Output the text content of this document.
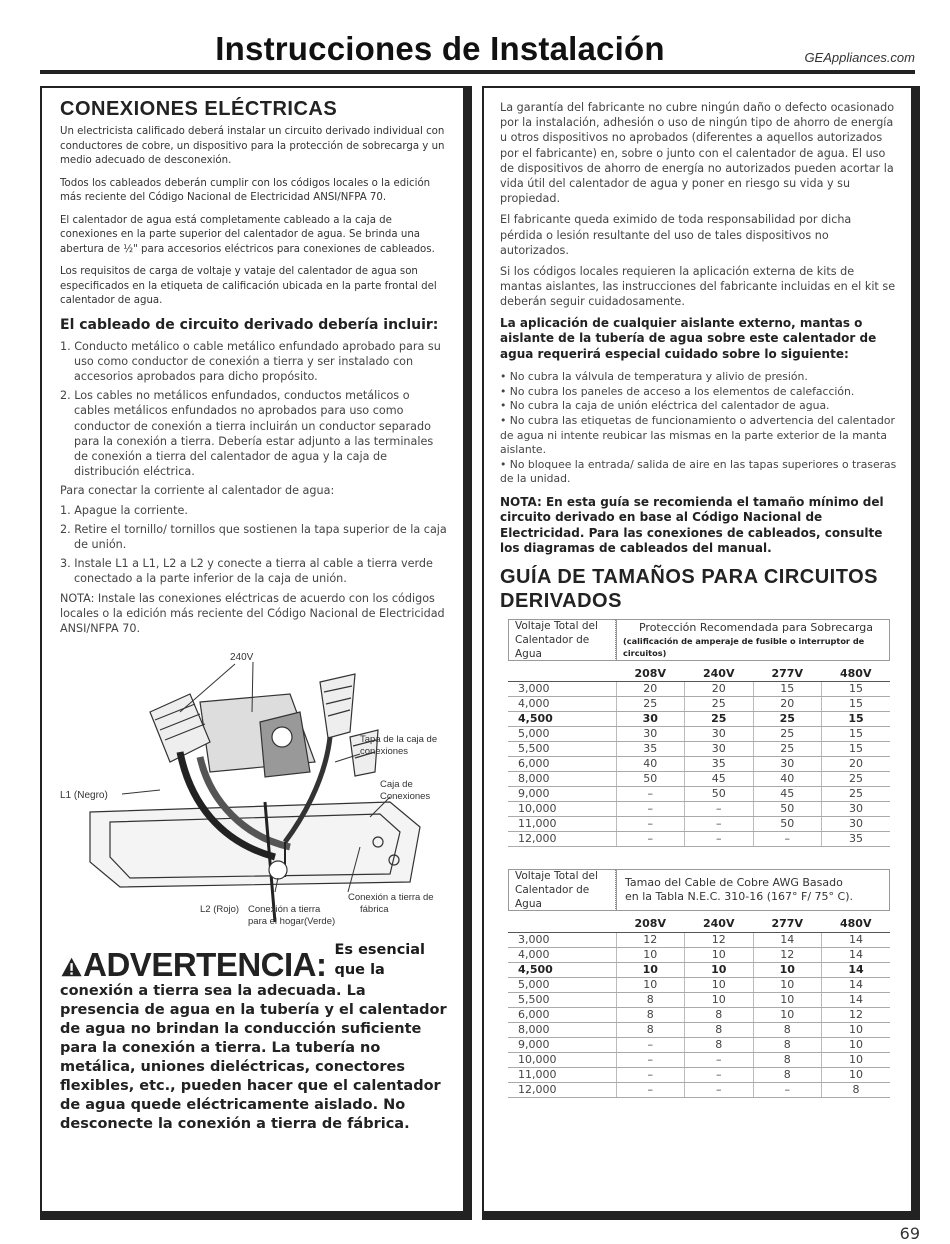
Instrucciones de Instalación	GEAppliances.com
CONEXIONES ELÉCTRICAS

Un electricista calificado deberá instalar un circuito derivado individual con conductores de cobre, un dispositivo para la protección de sobrecarga y un medio adecuado de desconexión.

Todos los cableados deberán cumplir con los códigos locales o la edición más reciente del Código Nacional de Electricidad ANSI/NFPA 70.

El calentador de agua está completamente cableado a la caja de conexiones en la parte superior del calentador de agua. Se brinda una abertura de ½" para accesorios eléctricos para conexiones de cableados.

Los requisitos de carga de voltaje y vataje del calentador de agua son especificados en la etiqueta de calificación ubicada en la parte frontal del calentador de agua.

El cableado de circuito derivado debería incluir:
1. Conducto metálico o cable metálico enfundado aprobado para su uso como conductor de conexión a tierra y ser instalado con accesorios aprobados para dicho propósito.
2. Los cables no metálicos enfundados, conductos metálicos o cables metálicos enfundados no aprobados para uso como conductor de conexión a tierra incluirán un conductor separado para la conexión a tierra. Debería estar adjunto a las terminales de conexión a tierra del calentador de agua y la caja de distribución eléctrica.

Para conectar la corriente al calentador de agua:

1. Apague la corriente.
2. Retire el tornillo/ tornillos que sostienen la tapa superior de la caja de unión.
3. Instale L1 a L1, L2 a L2 y conecte a tierra al cable a tierra verde conectado a la parte inferior de la caja de unión.

NOTA: Instale las conexiones eléctricas de acuerdo con los códigos locales o la edición más reciente del Código Nacional de Electricidad ANSI/NFPA 70.

240V
Tapa de la caja de conexiones
Caja de Conexiones
L1 (Negro)
L2 (Rojo) Conexión a tierra para el hogar(Verde)
Conexión a tierra de fábrica
ADVERTENCIA: Es esencial que la
conexión a tierra sea la adecuada. La presencia de agua en la tubería y el calentador de agua no brindan la conducción suficiente para la conexión a tierra. La tubería no metálica, uniones dieléctricas, conectores flexibles, etc., pueden hacer que el calentador de agua quede eléctricamente aislado. No desconecte la conexión a tierra de fábrica.

La garantía del fabricante no cubre ningún daño o defecto ocasionado por la instalación, adhesión o uso de ningún tipo de ahorro de energía u otros dispositivos no aprobados (diferentes a aquellos autorizados por el fabricante) en, sobre o junto con el calentador de agua. El uso de dispositivos de ahorro de energía no autorizados pueden acortar la vida útil del calentador de agua y poner en riesgo su vida y su propiedad.

El fabricante queda eximido de toda responsabilidad por dicha pérdida o lesión resultante del uso de tales dispositivos no autorizados.

Si los códigos locales requieren la aplicación externa de kits de mantas aislantes, las instrucciones del fabricante incluidas en el kit se deberán seguir cuidadosamente.

La aplicación de cualquier aislante externo, mantas o aislante de la tubería de agua sobre este calentador de agua requerirá especial cuidado sobre lo siguiente:

• No cubra la válvula de temperatura y alivio de presión.
• No cubra los paneles de acceso a los elementos de calefacción.
• No cubra la caja de unión eléctrica del calentador de agua.
• No cubra las etiquetas de funcionamiento o advertencia del calentador de agua ni intente reubicar las mismas en la parte exterior de la manta aislante.
• No bloquee la entrada/ salida de aire en las tapas superiores o traseras de la unidad.

NOTA: En esta guía se recomienda el tamaño mínimo del circuito derivado en base al Código Nacional de Electricidad. Para las conexiones de cableados, consulte los diagramas de cableados del manual.

GUÍA DE TAMAÑOS PARA CIRCUITOS DERIVADOS
Voltaje Total del
Calentador de Agua
Protección Recomendada para Sobrecarga
(calificación de amperaje de fusible o interruptor de circuitos)
	208V	240V	277V	480V
3,000	20	20	15	15
4,000	25	25	20	15
4,500	30	25	25	15
5,000	30	30	25	15
5,500	35	30	25	15
6,000	40	35	30	20
8,000	50	45	40	25
9,000	–	50	45	25
10,000	–	–	50	30
11,000	–	–	50	30
12,000	–	–	–	35
Voltaje Total del
Calentador de Agua
Tamao del Cable de Cobre AWG Basado
en la Tabla N.E.C. 310-16 (167° F/ 75° C).
	208V	240V	277V	480V
3,000	12	12	14	14
4,000	10	10	12	14
4,500	10	10	10	14
5,000	10	10	10	14
5,500	8	10	10	14
6,000	8	8	10	12
8,000	8	8	8	10
9,000	–	8	8	10
10,000	–	–	8	10
11,000	–	–	8	10
12,000	–	–	–	8
69
